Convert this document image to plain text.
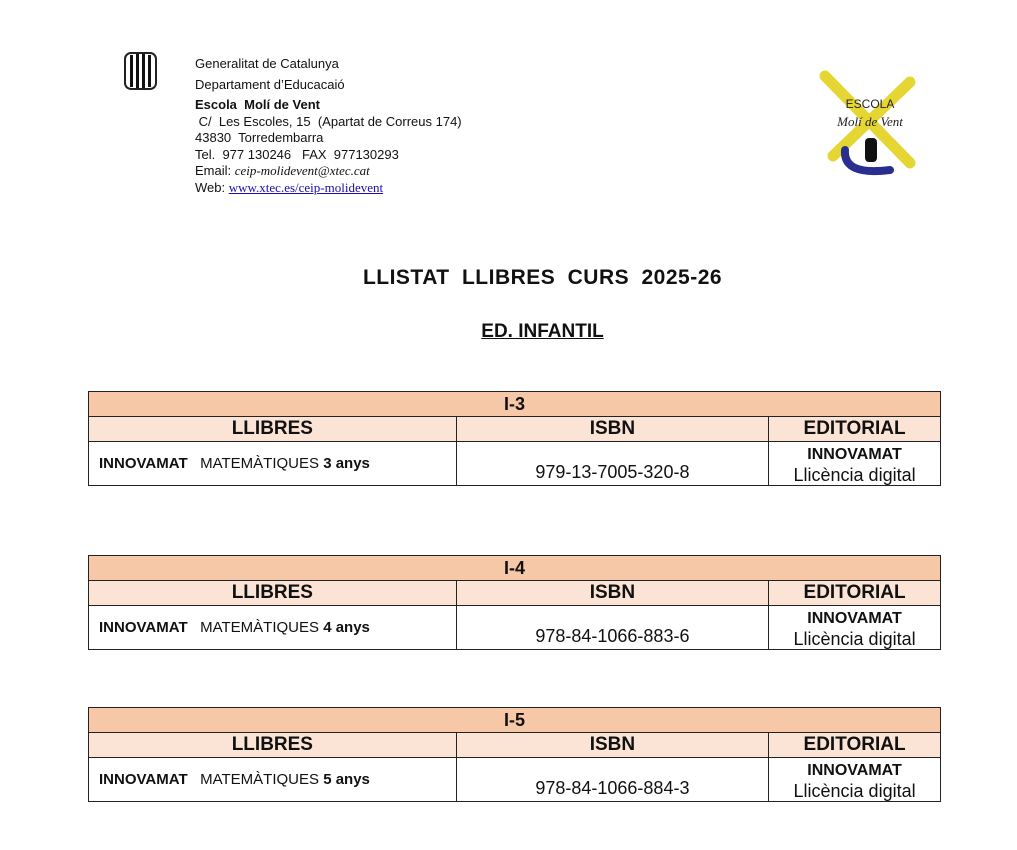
Generalitat de Catalunya
Departament d’Educacaió
Escola  Molí de Vent
C/  Les Escoles, 15  (Apartat de Correus 174)
43830  Torredembarra
Tel.  977 130246   FAX  977130293
Email: ceip-molidevent@xtec.cat
Web: www.xtec.es/ceip-molidevent
ESCOLA
Molí de Vent
LLISTAT LLIBRES CURS 2025-26
ED. INFANTIL
I-3		
LLIBRES	ISBN	EDITORIAL
INNOVAMAT MATEMÀTIQUES 3 anys	979-13-7005-320-8	INNOVAMAT
Llicència digital
I-4		
LLIBRES	ISBN	EDITORIAL
INNOVAMAT MATEMÀTIQUES 4 anys	978-84-1066-883-6	INNOVAMAT
Llicència digital
I-5		
LLIBRES	ISBN	EDITORIAL
INNOVAMAT MATEMÀTIQUES 5 anys	978-84-1066-884-3	INNOVAMAT
Llicència digital
